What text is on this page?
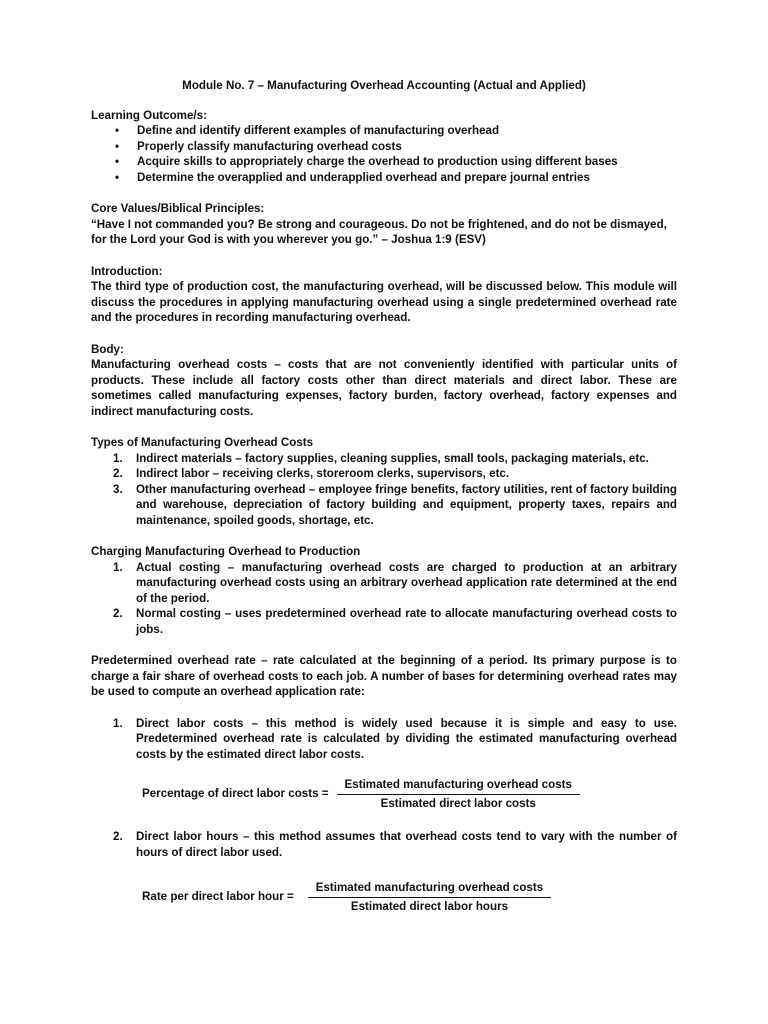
Module No. 7 – Manufacturing Overhead Accounting (Actual and Applied)

Learning Outcome/s:

• Define and identify different examples of manufacturing overhead
• Properly classify manufacturing overhead costs
• Acquire skills to appropriately charge the overhead to production using different bases
• Determine the overapplied and underapplied overhead and prepare journal entries

Core Values/Biblical Principles:

“Have I not commanded you? Be strong and courageous. Do not be frightened, and do not be dismayed, for the Lord your God is with you wherever you go.” – Joshua 1:9 (ESV)

Introduction:

The third type of production cost, the manufacturing overhead, will be discussed below. This module will discuss the procedures in applying manufacturing overhead using a single predetermined overhead rate and the procedures in recording manufacturing overhead.

Body:

Manufacturing overhead costs – costs that are not conveniently identified with particular units of products. These include all factory costs other than direct materials and direct labor. These are sometimes called manufacturing expenses, factory burden, factory overhead, factory expenses and indirect manufacturing costs.

Types of Manufacturing Overhead Costs

1. Indirect materials – factory supplies, cleaning supplies, small tools, packaging materials, etc.
2. Indirect labor – receiving clerks, storeroom clerks, supervisors, etc.
3. Other manufacturing overhead – employee fringe benefits, factory utilities, rent of factory building and warehouse, depreciation of factory building and equipment, property taxes, repairs and maintenance, spoiled goods, shortage, etc.

Charging Manufacturing Overhead to Production

1. Actual costing – manufacturing overhead costs are charged to production at an arbitrary manufacturing overhead costs using an arbitrary overhead application rate determined at the end of the period.
2. Normal costing – uses predetermined overhead rate to allocate manufacturing overhead costs to jobs.

Predetermined overhead rate – rate calculated at the beginning of a period. Its primary purpose is to charge a fair share of overhead costs to each job. A number of bases for determining overhead rates may be used to compute an overhead application rate:

1. Direct labor costs – this method is widely used because it is simple and easy to use. Predetermined overhead rate is calculated by dividing the estimated manufacturing overhead costs by the estimated direct labor costs.
Percentage of direct labor costs = $\frac{\text{Estimated manufacturing overhead costs}}{\text{Estimated direct labor costs}}$
2. Direct labor hours – this method assumes that overhead costs tend to vary with the number of hours of direct labor used.
Rate per direct labor hour = $\frac{\text{Estimated manufacturing overhead costs}}{\text{Estimated direct labor hours}}$
